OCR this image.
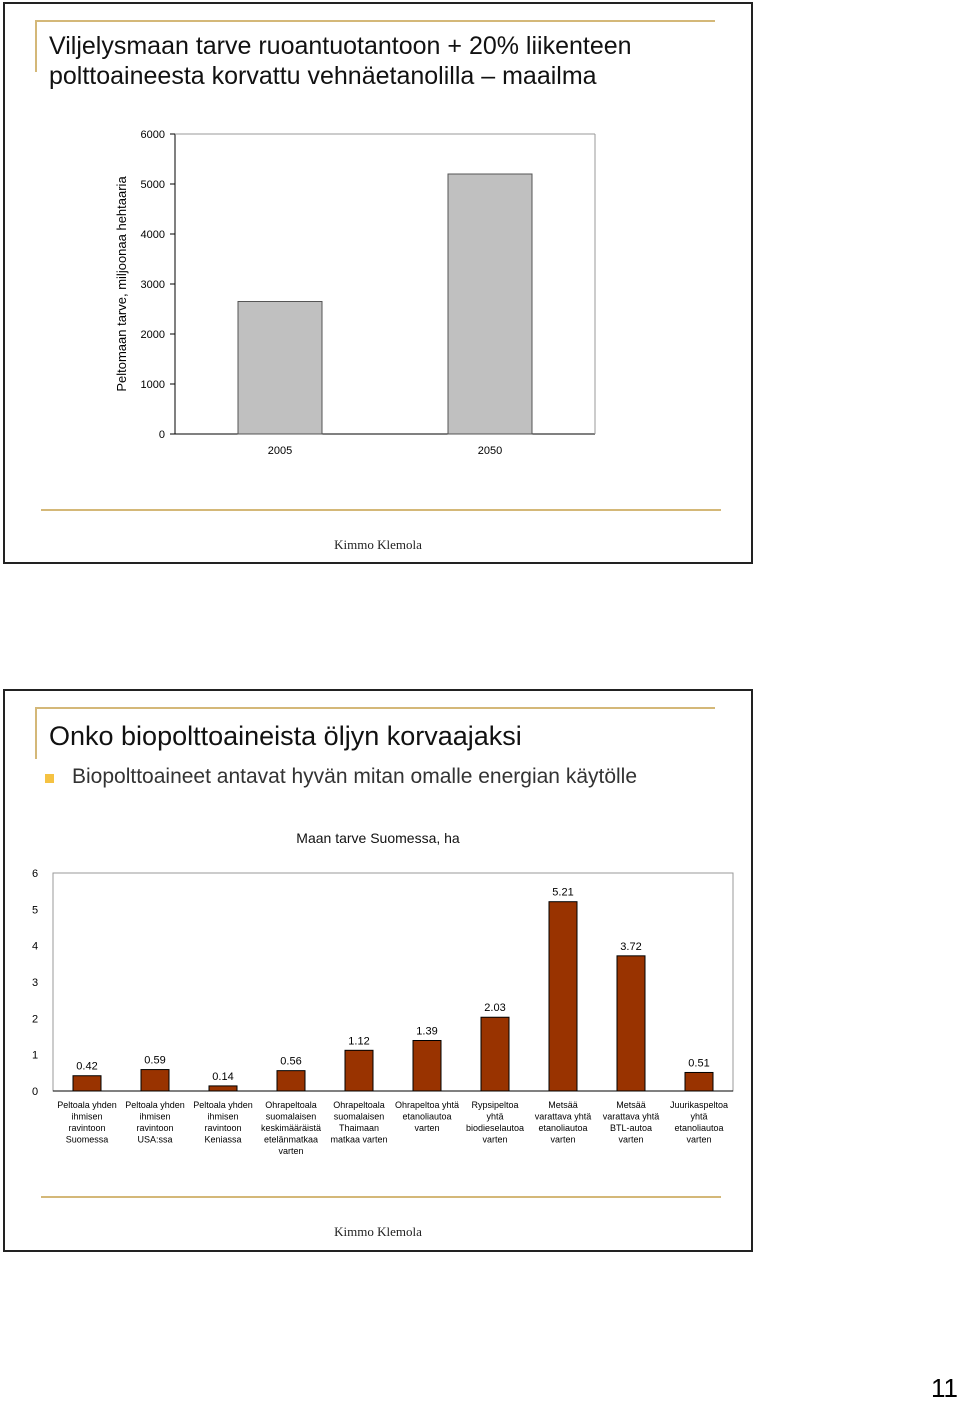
Viljelysmaan tarve ruoantuotantoon + 20% liikenteen
polttoaineesta korvattu vehnäetanolilla – maailma
0
1000
2000
3000
4000
5000
6000
2005	2050
Peltomaan tarve, miljoonaa hehtaaria
Kimmo Klemola
Onko biopolttoaineista öljyn korvaajaksi
Biopolttoaineet antavat hyvän mitan omalle energian käytölle
Maan tarve Suomessa, ha
0
1
2
3
4
5
6
0.42
Peltoala yhden ihmisen ravintoon Suomessa
0.59
Peltoala yhden ihmisen ravintoon USA:ssa
0.14
Peltoala yhden ihmisen ravintoon Keniassa
0.56
Ohrapeltoala suomalaisen keskimääräistä etelänmatkaa varten
1.12
Ohrapeltoala suomalaisen Thaimaan matkaa varten
1.39
Ohrapeltoa yhtä etanoliautoa varten
2.03
Rypsipeltoa yhtä biodieselautoa varten
5.21
Metsää varattava yhtä etanoliautoa varten
3.72
Metsää varattava yhtä BTL-autoa varten
0.51
Juurikaspeltoa yhtä etanoliautoa varten
Kimmo Klemola
11
